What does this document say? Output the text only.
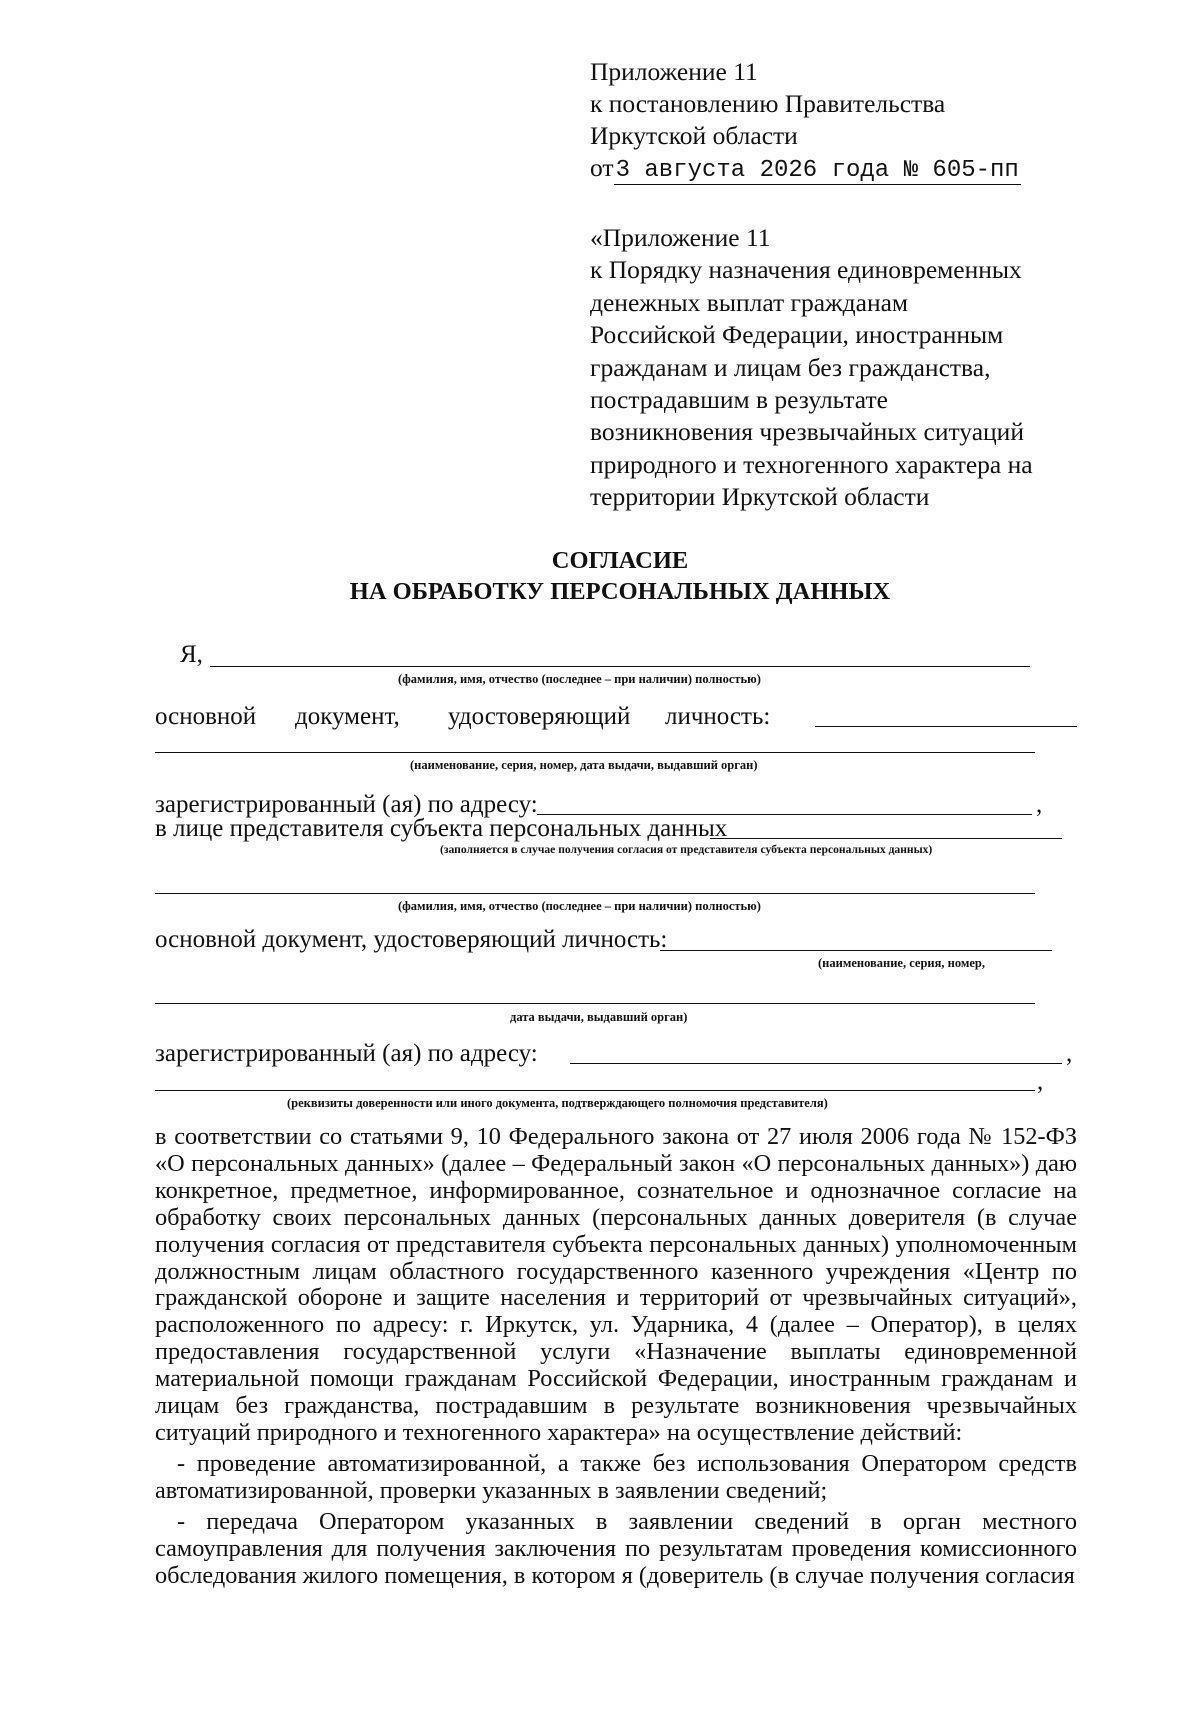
Приложение 11
к постановлению Правительства
Иркутской области
от3 августа 2026 года № 605-пп
«Приложение 11
к Порядку назначения единовременных
денежных выплат гражданам
Российской Федерации, иностранным
гражданам и лицам без гражданства,
пострадавшим в результате
возникновения чрезвычайных ситуаций
природного и техногенного характера на
территории Иркутской области
СОГЛАСИЕ
НА ОБРАБОТКУ ПЕРСОНАЛЬНЫХ ДАННЫХ
Я,
(фамилия, имя, отчество (последнее – при наличии) полностью)
основной документ, удостоверяющий личность:
(наименование, серия, номер, дата выдачи, выдавший орган)
зарегистрированный (ая) по адресу:	,
в лице представителя субъекта персональных данных
(заполняется в случае получения согласия от представителя субъекта персональных данных)
(фамилия, имя, отчество (последнее – при наличии) полностью)
основной документ, удостоверяющий личность:
(наименование, серия, номер,
дата выдачи, выдавший орган)
зарегистрированный (ая) по адресу:	,
,
(реквизиты доверенности или иного документа, подтверждающего полномочия представителя)

в соответствии со статьями 9, 10 Федерального закона от 27 июля 2006 года № 152-ФЗ «О персональных данных» (далее – Федеральный закон «О персональных данных») даю конкретное, предметное, информированное, сознательное и однозначное согласие на обработку своих персональных данных (персональных данных доверителя (в случае получения согласия от представителя субъекта персональных данных) уполномоченным должностным лицам областного государственного казенного учреждения «Центр по гражданской обороне и защите населения и территорий от чрезвычайных ситуаций», расположенного по адресу: г. Иркутск, ул. Ударника, 4 (далее – Оператор), в целях предоставления государственной услуги «Назначение выплаты единовременной материальной помощи гражданам Российской Федерации, иностранным гражданам и лицам без гражданства, пострадавшим в результате возникновения чрезвычайных ситуаций природного и техногенного характера» на осуществление действий:

- проведение автоматизированной, а также без использования Оператором средств автоматизированной, проверки указанных в заявлении сведений;

- передача Оператором указанных в заявлении сведений в орган местного самоуправления для получения заключения по результатам проведения комиссионного обследования жилого помещения, в котором я (доверитель (в случае получения согласия
